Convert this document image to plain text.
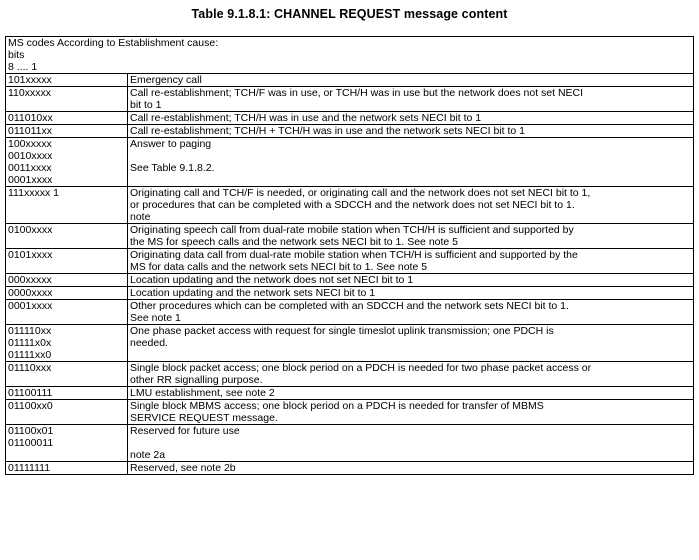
Table 9.1.8.1: CHANNEL REQUEST message content
MS codes According to Establishment cause:
bits
8 .... 1	

101xxxxx	Emergency call

110xxxxx	Call re-establishment; TCH/F was in use, or TCH/H was in use but the network does not set NECI
bit to 1

011010xx	Call re-establishment; TCH/H was in use and the network sets NECI bit to 1

011011xx	Call re-establishment; TCH/H + TCH/H was in use and the network sets NECI bit to 1

100xxxxx
0010xxxx
0011xxxx
0001xxxx	Answer to paging
See Table 9.1.8.2.

111xxxxx 1	Originating call and TCH/F is needed, or originating call and the network does not set NECI bit to 1,
or procedures that can be completed with a SDCCH and the network does not set NECI bit to 1.
note

0100xxxx	Originating speech call from dual-rate mobile station when TCH/H is sufficient and supported by
the MS for speech calls and the network sets NECI bit to 1. See note 5

0101xxxx	Originating data call from dual-rate mobile station when TCH/H is sufficient and supported by the
MS for data calls and the network sets NECI bit to 1. See note 5

000xxxxx	Location updating and the network does not set NECI bit to 1

0000xxxx	Location updating and the network sets NECI bit to 1

0001xxxx	Other procedures which can be completed with an SDCCH and the network sets NECI bit to 1.
See note 1

011110xx
01111x0x
01111xx0	One phase packet access with request for single timeslot uplink transmission; one PDCH is
needed.

01110xxx	Single block packet access; one block period on a PDCH is needed for two phase packet access or
other RR signalling purpose.

01100111	LMU establishment, see note 2

01100xx0	Single block MBMS access; one block period on a PDCH is needed for transfer of MBMS
SERVICE REQUEST message.

01100x01
01100011	Reserved for future use
note 2a

01111111	Reserved, see note 2b
